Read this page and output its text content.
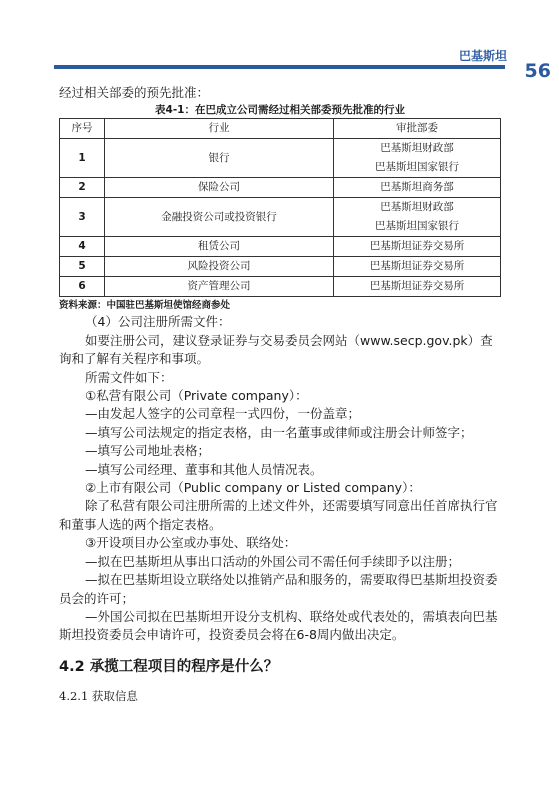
巴基斯坦
56

经过相关部委的预先批准：

表4-1：在巴成立公司需经过相关部委预先批准的行业
序号	行业	审批部委
1	银行	巴基斯坦财政部
巴基斯坦国家银行

2	保险公司	巴基斯坦商务部
3	金融投资公司或投资银行	巴基斯坦财政部
巴基斯坦国家银行

4	租赁公司	巴基斯坦证券交易所
5	风险投资公司	巴基斯坦证券交易所
6	资产管理公司	巴基斯坦证券交易所
资料来源：中国驻巴基斯坦使馆经商参处

（4）公司注册所需文件：

如要注册公司，建议登录证券与交易委员会网站（www.secp.gov.pk）查询和了解有关程序和事项。

所需文件如下：

①私营有限公司（Private company）：

—由发起人签字的公司章程一式四份，一份盖章；

—填写公司法规定的指定表格，由一名董事或律师或注册会计师签字；

—填写公司地址表格；

—填写公司经理、董事和其他人员情况表。

②上市有限公司（Public company or Listed company）：

除了私营有限公司注册所需的上述文件外，还需要填写同意出任首席执行官和董事人选的两个指定表格。

③开设项目办公室或办事处、联络处：

—拟在巴基斯坦从事出口活动的外国公司不需任何手续即予以注册；

—拟在巴基斯坦设立联络处以推销产品和服务的，需要取得巴基斯坦投资委员会的许可；

—外国公司拟在巴基斯坦开设分支机构、联络处或代表处的，需填表向巴基斯坦投资委员会申请许可，投资委员会将在6-8周内做出决定。

4.2 承揽工程项目的程序是什么？
4.2.1 获取信息
